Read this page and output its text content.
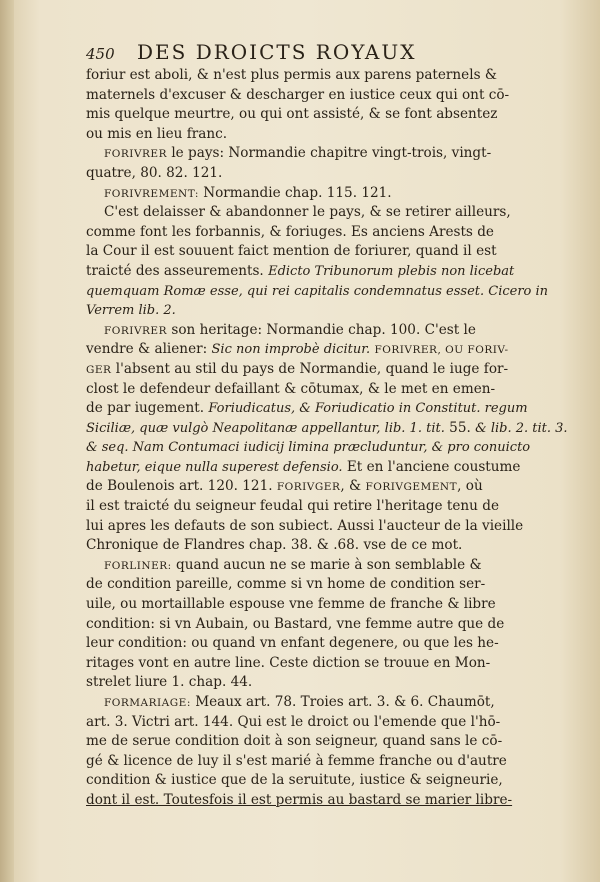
450 DES DROICTS ROYAUX
foriur est aboli, & n'est plus permis aux parens paternels &
maternels d'excuser & descharger en iustice ceux qui ont cō-
mis quelque meurtre, ou qui ont assisté, & se font absentez
ou mis en lieu franc.
FORIVRER le pays: Normandie chapitre vingt-trois, vingt-
quatre, 80. 82. 121.
FORIVREMENT: Normandie chap. 115. 121.
C'est delaisser & abandonner le pays, & se retirer ailleurs,
comme font les forbannis, & foriuges. Es anciens Arests de
la Cour il est souuent faict mention de foriurer, quand il est
traicté des asseurements. Edicto Tribunorum plebis non licebat
quemquam Romæ esse, qui rei capitalis condemnatus esset. Cicero in
Verrem lib. 2.
FORIVRER son heritage: Normandie chap. 100. C'est le
vendre & aliener: Sic non improbè dicitur. FORIVRER, OU FORIV-
GER l'absent au stil du pays de Normandie, quand le iuge for-
clost le defendeur defaillant & cōtumax, & le met en emen-
de par iugement. Foriudicatus, & Foriudicatio in Constitut. regum
Siciliæ, quæ vulgò Neapolitanæ appellantur, lib. 1. tit. 55. & lib. 2. tit. 3.
& seq. Nam Contumaci iudicij limina præcluduntur, & pro conuicto
habetur, eique nulla superest defensio. Et en l'anciene coustume
de Boulenois art. 120. 121. FORIVGER, & FORIVGEMENT, où
il est traicté du seigneur feudal qui retire l'heritage tenu de
lui apres les defauts de son subiect. Aussi l'aucteur de la vieille
Chronique de Flandres chap. 38. & .68. vse de ce mot.
FORLINER: quand aucun ne se marie à son semblable &
de condition pareille, comme si vn home de condition ser-
uile, ou mortaillable espouse vne femme de franche & libre
condition: si vn Aubain, ou Bastard, vne femme autre que de
leur condition: ou quand vn enfant degenere, ou que les he-
ritages vont en autre line. Ceste diction se trouue en Mon-
strelet liure 1. chap. 44.
FORMARIAGE: Meaux art. 78. Troies art. 3. & 6. Chaumōt,
art. 3. Victri art. 144. Qui est le droict ou l'emende que l'hō-
me de serue condition doit à son seigneur, quand sans le cō-
gé & licence de luy il s'est marié à femme franche ou d'autre
condition & iustice que de la seruitute, iustice & seigneurie,
dont il est. Toutesfois il est permis au bastard se marier libre-
